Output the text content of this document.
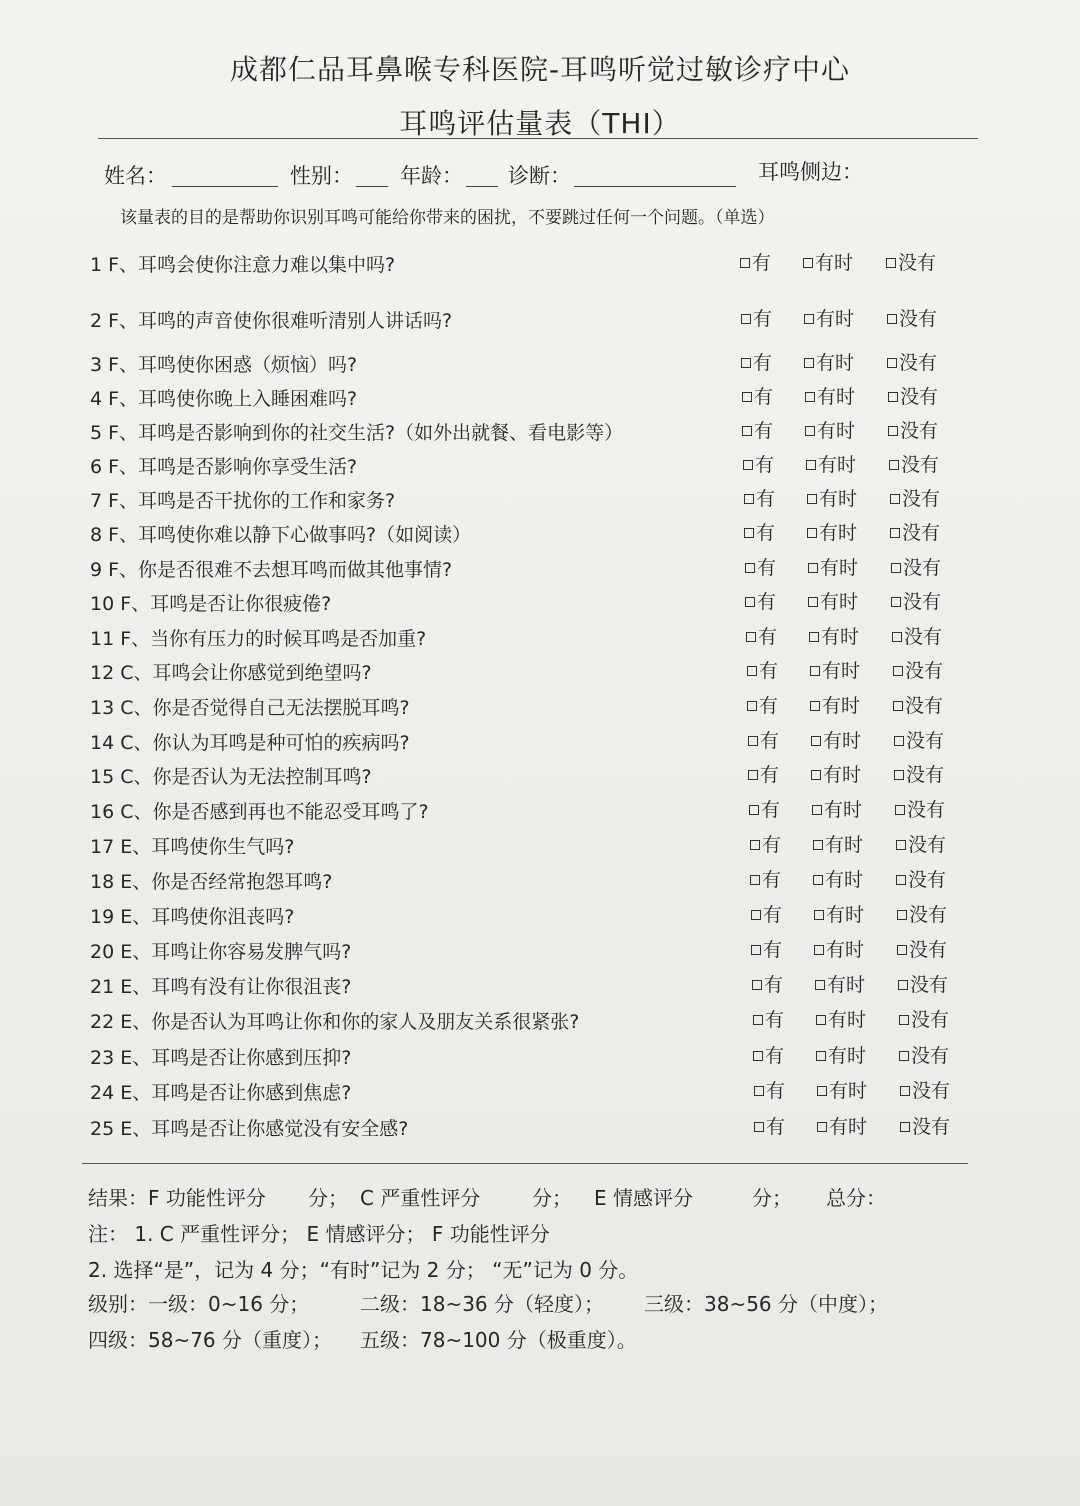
成都仁品耳鼻喉专科医院-耳鸣听觉过敏诊疗中心
耳鸣评估量表（THI）
姓名：	性别： 年龄： 诊断：	耳鸣侧边：
该量表的目的是帮助你识别耳鸣可能给你带来的困扰，不要跳过任何一个问题。（单选）
1 F、耳鸣会使你注意力难以集中吗?	有 有时 没有
2 F、耳鸣的声音使你很难听清别人讲话吗?	有 有时 没有
3 F、耳鸣使你困惑（烦恼）吗?	有 有时 没有
4 F、耳鸣使你晚上入睡困难吗?	有 有时 没有
5 F、耳鸣是否影响到你的社交生活?（如外出就餐、看电影等）	有 有时 没有
6 F、耳鸣是否影响你享受生活?	有 有时 没有
7 F、耳鸣是否干扰你的工作和家务?	有 有时 没有
8 F、耳鸣使你难以静下心做事吗?（如阅读）	有 有时 没有
9 F、你是否很难不去想耳鸣而做其他事情?	有 有时 没有
10 F、耳鸣是否让你很疲倦?	有 有时 没有
11 F、当你有压力的时候耳鸣是否加重?	有 有时 没有
12 C、耳鸣会让你感觉到绝望吗?	有 有时 没有
13 C、你是否觉得自己无法摆脱耳鸣?	有 有时 没有
14 C、你认为耳鸣是种可怕的疾病吗?	有 有时 没有
15 C、你是否认为无法控制耳鸣?	有 有时 没有
16 C、你是否感到再也不能忍受耳鸣了?	有 有时 没有
17 E、耳鸣使你生气吗?	有 有时 没有
18 E、你是否经常抱怨耳鸣?	有 有时 没有
19 E、耳鸣使你沮丧吗?	有 有时 没有
20 E、耳鸣让你容易发脾气吗?	有 有时 没有
21 E、耳鸣有没有让你很沮丧?	有 有时 没有
22 E、你是否认为耳鸣让你和你的家人及朋友关系很紧张?	有 有时 没有
23 E、耳鸣是否让你感到压抑?	有 有时 没有
24 E、耳鸣是否让你感到焦虑?	有 有时 没有
25 E、耳鸣是否让你感觉没有安全感?	有 有时 没有
结果： F 功能性评分 分； C 严重性评分	分； E 情感评分	分； 总分：
注： 1. C 严重性评分； E 情感评分； F 功能性评分
2. 选择“是”，记为 4 分；“有时”记为 2 分； “无”记为 0 分。
级别： 一级：0~16 分；	二级：18~36 分（轻度）； 三级：38~56 分（中度）；
四级：58~76 分（重度）； 五级：78~100 分（极重度）。
